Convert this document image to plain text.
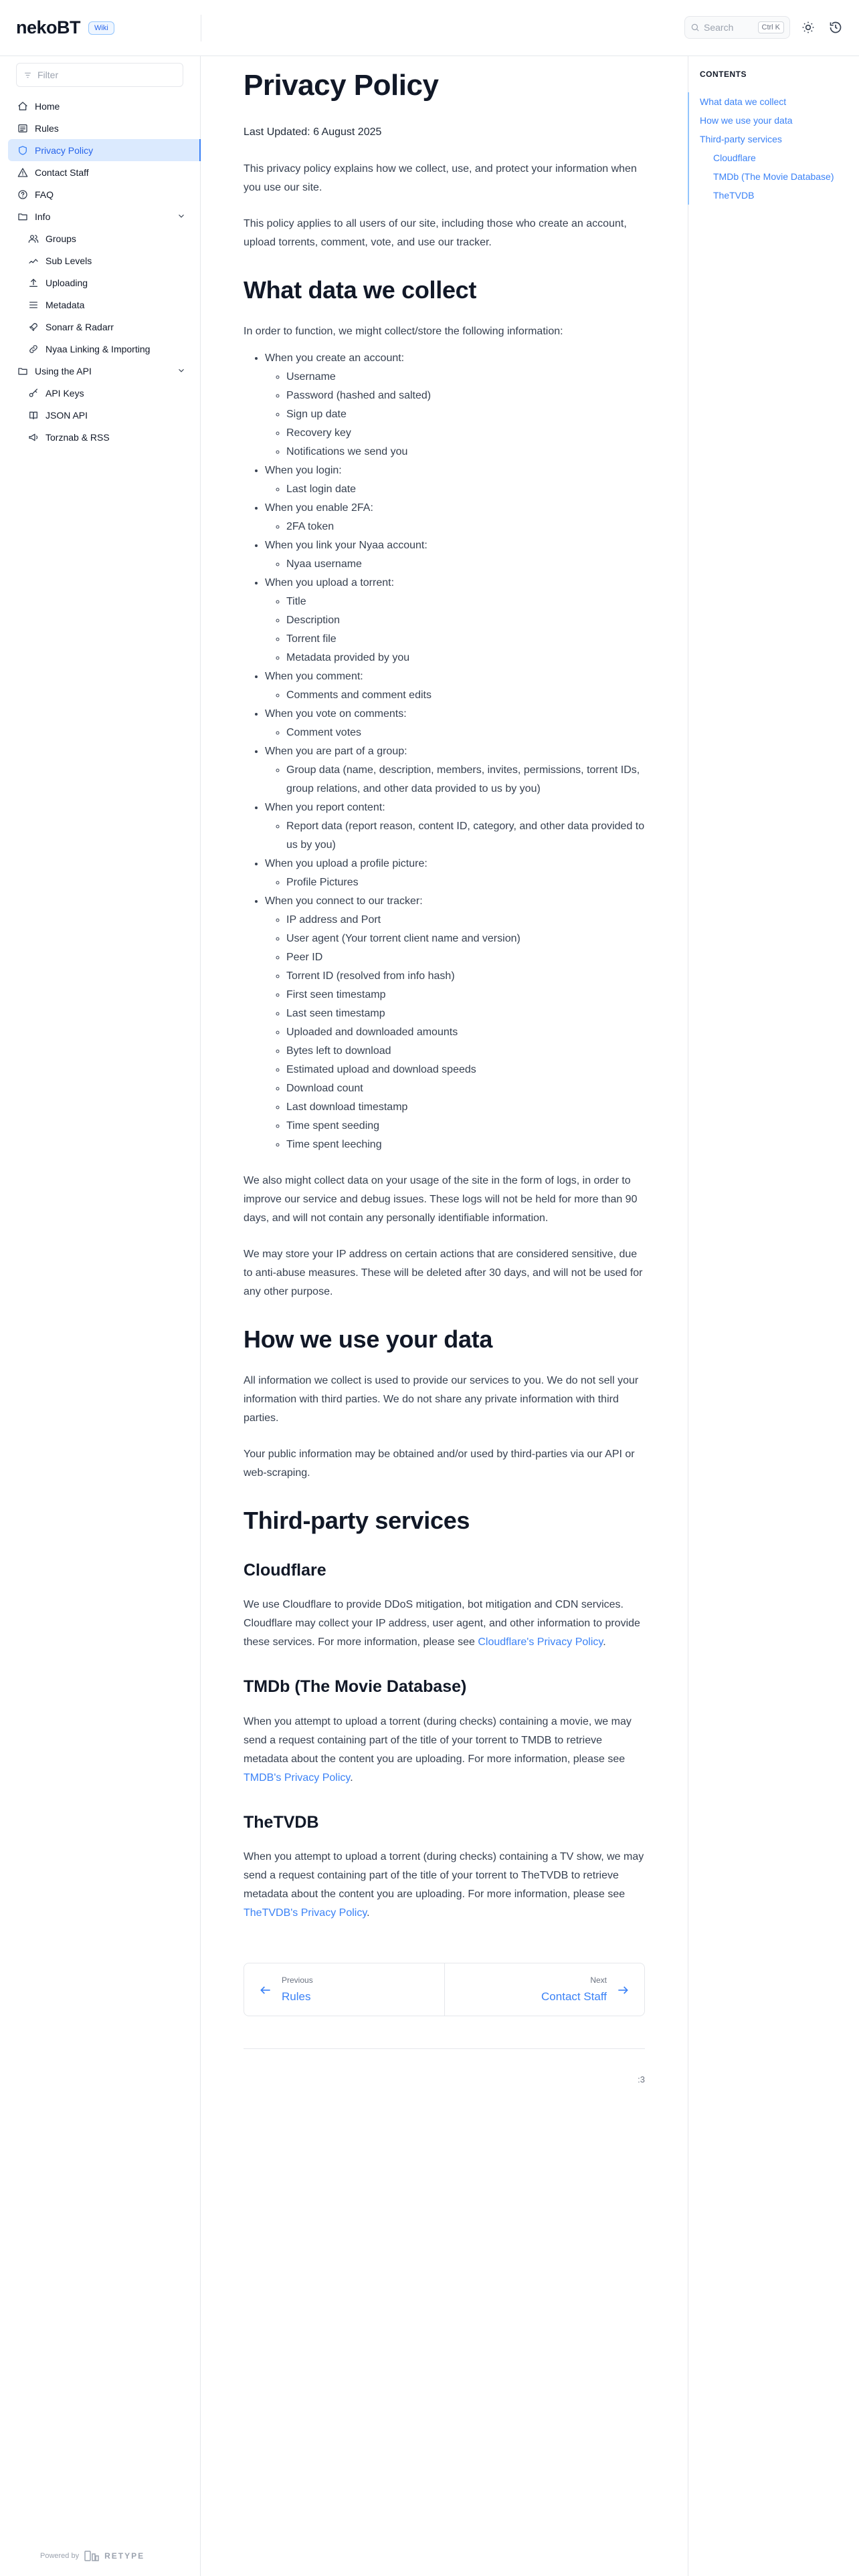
nekoBT	Wiki	Search	Ctrl K
Filter
Home
Rules
Privacy Policy
Contact Staff
FAQ
Info
Groups
Sub Levels
Uploading
Metadata
Sonarr & Radarr
Nyaa Linking & Importing
Using the API
API Keys
JSON API
Torznab & RSS
Powered by	RETYPE
Privacy Policy
Last Updated: 6 August 2025

This privacy policy explains how we collect, use, and protect your information when you use our site.

This policy applies to all users of our site, including those who create an account, upload torrents, comment, vote, and use our tracker.

What data we collect

In order to function, we might collect/store the following information:

• When you create an account:
◦ Username
◦ Password (hashed and salted)
◦ Sign up date
◦ Recovery key
◦ Notifications we send you
• When you login:
◦ Last login date
• When you enable 2FA:
◦ 2FA token
• When you link your Nyaa account:
◦ Nyaa username
• When you upload a torrent:
◦ Title
◦ Description
◦ Torrent file
◦ Metadata provided by you
• When you comment:
◦ Comments and comment edits
• When you vote on comments:
◦ Comment votes
• When you are part of a group:
◦ Group data (name, description, members, invites, permissions, torrent IDs, group relations, and other data provided to us by you)
• When you report content:
◦ Report data (report reason, content ID, category, and other data provided to us by you)
• When you upload a profile picture:
◦ Profile Pictures
• When you connect to our tracker:
◦ IP address and Port
◦ User agent (Your torrent client name and version)
◦ Peer ID
◦ Torrent ID (resolved from info hash)
◦ First seen timestamp
◦ Last seen timestamp
◦ Uploaded and downloaded amounts
◦ Bytes left to download
◦ Estimated upload and download speeds
◦ Download count
◦ Last download timestamp
◦ Time spent seeding
◦ Time spent leeching

We also might collect data on your usage of the site in the form of logs, in order to improve our service and debug issues. These logs will not be held for more than 90 days, and will not contain any personally identifiable information.

We may store your IP address on certain actions that are considered sensitive, due to anti-abuse measures. These will be deleted after 30 days, and will not be used for any other purpose.

How we use your data

All information we collect is used to provide our services to you. We do not sell your information with third parties. We do not share any private information with third parties.

Your public information may be obtained and/or used by third-parties via our API or web-scraping.

Third-party services
Cloudflare

We use Cloudflare to provide DDoS mitigation, bot mitigation and CDN services. Cloudflare may collect your IP address, user agent, and other information to provide these services. For more information, please see Cloudflare's Privacy Policy.

TMDb (The Movie Database)

When you attempt to upload a torrent (during checks) containing a movie, we may send a request containing part of the title of your torrent to TMDB to retrieve metadata about the content you are uploading. For more information, please see TMDB's Privacy Policy.

TheTVDB

When you attempt to upload a torrent (during checks) containing a TV show, we may send a request containing part of the title of your torrent to TheTVDB to retrieve metadata about the content you are uploading. For more information, please see TheTVDB's Privacy Policy.

Previous
Rules
Next
Contact Staff
:3
CONTENTS
What data we collect
How we use your data
Third-party services
Cloudflare
TMDb (The Movie Database)
TheTVDB
